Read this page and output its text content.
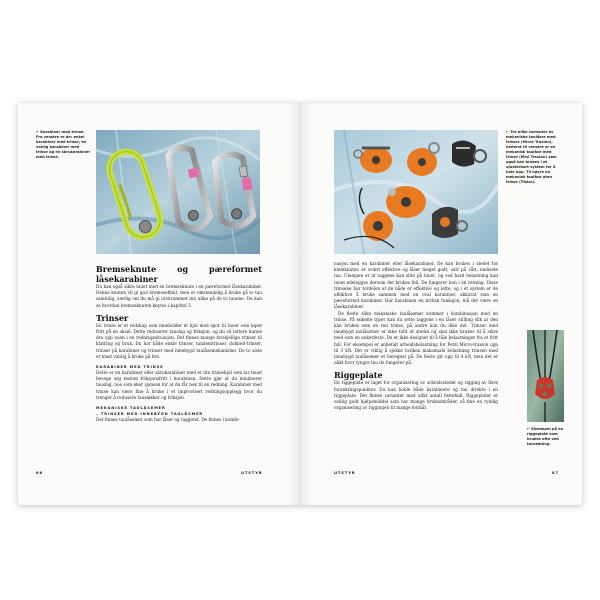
← Karabiner med trinse. Fra venstre er de: enkel karabiner med trinse, en vanlig karabiner med trinse og en skrukarabiner med trinse.

Bremseknute og pæreformet låsekarabiner

Du kan også sikre tauet med en bremseknute i en pæreformet låsekarabiner. Denne knuten vil gi god bremseeffekt, men er omstendelig å bruke på to tau samtidig, særlig om du må gi ut/strammer inn ulike på de to tauene. Du kan se hvordan bremseknuten knytes i kapittel 3.

Trinser

En trinse er et redskap som inneholder et hjul med spor til tauet som løper fritt på en aksel. Dette reduserer tauslag og friksjon, og du vil lettere kunne dra opp noen i en redningssituasjon. Det finnes mange forskjellige trinser til klatring og bruk. Du har både enkle trinser, tandemtrinser, dobbelt-trinser, trinser på karabiner og trinser med innebygd taulåsemekanisme. De to siste er mest vanlig å bruke på bre.

KARABINER MED TRINSE

Dette er en karabiner eller skrukarabiner med et lite trinsehjul som lar tauet bevege seg nesten friksjonsfritt i karabinen. Dette gjør at du minimerer tauslag, noe som øker sjansen for at du får nok til en redning. Karabiner med trinse kan være fine å bruke i et improvisert redningsopplegg hvor du trenger å redusere tausløkker og friksjon.

MEKANISKE TAULÅSEMER

– TRINSER MED INNEBYGD TAULÅSMER

Det finnes taulåsemer som har låser og taggeter. De finnes i kombi-

86	UTSTYR
← Tre ulike varianter av mekaniske taulåser med trinser (Micro Traxion), nederst til venstre er en mekanisk taulåse med trinse (Mini Traxion) som også kan brukes i et ujusterbart system for å hale opp. Til høyre en mekanisk taulåse uten trinse (Tibloc).

nasjon med en karabiner eller låsekarabiner. De kan brukes i stedet for klemknuter, er svært effektive og låser meget godt, selv på vått, nedisete tau. Ulempen er at taggene kan slite på tauet, og ved hard belastning kan tauet ødelegges dersom det brukes feil. De fungerer kun i én retning. Disse trinsene har fordelen at de både er effektive og lette, og i et system er de effektive å bruke sammen med en oval karabiner, akkurat som en pæreformet karabiner. Har karabinen en kritisk funksjon, må det være en låsekarabiner.

De fleste slike mekaniske taulåsemer kommer i kombinasjon med en trinse. På enkelte typer kan du sette taggene i en låser stilling slik at den kan brukes som en ren trinse, på andre kan du ikke det. Trinser med innebygd taulåsemer er ikke fullt ut sterke og skal ikke brukes til å sikre med som en ankerfeste. De er ikke designet til å tåle belastninger fra et fritt fall. For eksempel er anbefalt arbeidsbelastning for Petzl Micro-traxion opp til 3 kN. Det er viktig å sjekke hvilken maksimale belastning trinsen med innebygd taulåsemer er beregnet på. De fleste gir opp til 4 kN, men det er ulikt hvor tyngre tau de fungerer på.

Riggeplate

En riggeplate er laget for organisering av arbeidsstedet og rigging av flere forankringspunkter. Du kan koble både karabinere og tau direkte i en riggeplate. Det finnes varianter med ulikt antall festehull. Riggeplater er veldig godt hjelpemiddel som har mange bruksområder, så fine en ryddig organisering av riggingen til mange formål.

← Eksempel på en riggeplate som brukes ofte ved tauredning.
UTSTYR	87
